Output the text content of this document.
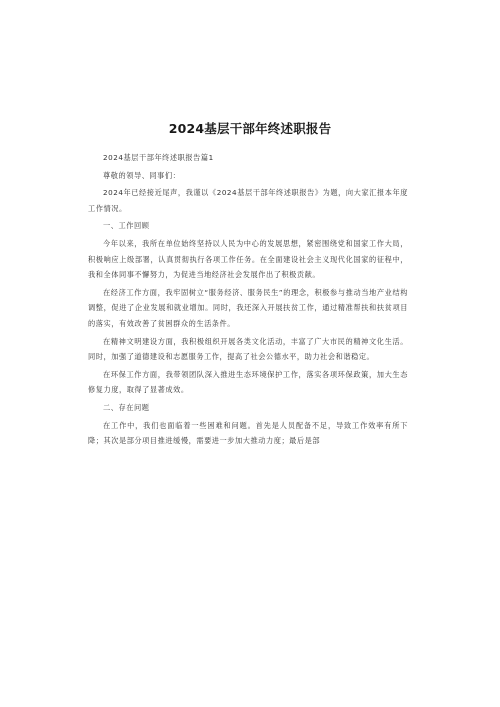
2024基层干部年终述职报告

2024基层干部年终述职报告篇1

尊敬的领导、同事们：

2024年已经接近尾声，我谨以《2024基层干部年终述职报告》为题，向大家汇报本年度工作情况。

一、工作回顾

今年以来，我所在单位始终坚持以人民为中心的发展思想，紧密围绕党和国家工作大局，积极响应上级部署，认真贯彻执行各项工作任务。在全面建设社会主义现代化国家的征程中，我和全体同事不懈努力，为促进当地经济社会发展作出了积极贡献。

在经济工作方面，我牢固树立“服务经济、服务民生”的理念，积极参与推动当地产业结构调整，促进了企业发展和就业增加。同时，我还深入开展扶贫工作，通过精准帮扶和扶贫项目的落实，有效改善了贫困群众的生活条件。

在精神文明建设方面，我积极组织开展各类文化活动，丰富了广大市民的精神文化生活。同时，加强了道德建设和志愿服务工作，提高了社会公德水平，助力社会和谐稳定。

在环保工作方面，我带领团队深入推进生态环境保护工作，落实各项环保政策，加大生态修复力度，取得了显著成效。

二、存在问题

在工作中，我们也面临着一些困难和问题。首先是人员配备不足，导致工作效率有所下降；其次是部分项目推进缓慢，需要进一步加大推动力度；最后是部
